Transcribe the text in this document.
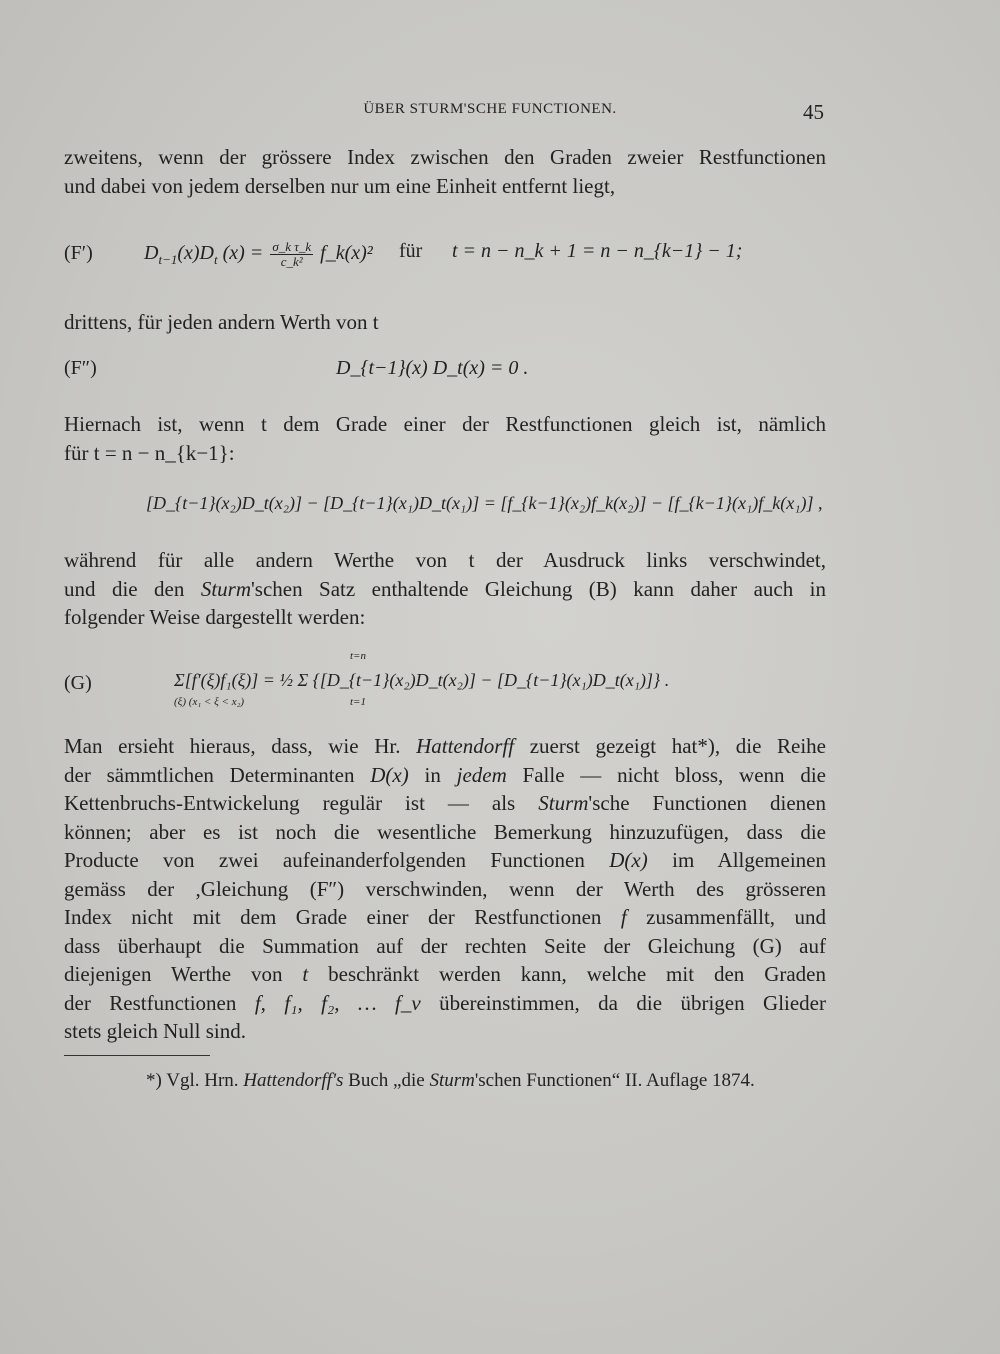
ÜBER STURM'SCHE FUNCTIONEN.	45
zweitens, wenn der grössere Index zwischen den Graden zweier Restfunctionen
und dabei von jedem derselben nur um eine Einheit entfernt liegt,
(F′)	$D_{t-1}(x)D_t$ $(x) = \frac{\text{σ\_k τ\_k}}{\text{c\_k²}}$ f_k(x)² für t = n − n_k + 1 = n − n_{k−1} − 1;
drittens, für jeden andern Werth von t
(F″)	D_{t−1}(x) D_t(x) = 0 .
Hiernach ist, wenn t dem Grade einer der Restfunctionen gleich ist, nämlich
für t = n − n_{k−1}:
[D_{t−1}(x₂)D_t(x₂)] − [D_{t−1}(x₁)D_t(x₁)] = [f_{k−1}(x₂)f_k(x₂)] − [f_{k−1}(x₁)f_k(x₁)] ,
während für alle andern Werthe von t der Ausdruck links verschwindet,
und die den Sturm'schen Satz enthaltende Gleichung (B) kann daher auch in
folgender Weise dargestellt werden:
(G)
t=n
Σ[f′(ξ)f₁(ξ)] = ½ Σ {[D_{t−1}(x₂)D_t(x₂)] − [D_{t−1}(x₁)D_t(x₁)]} .
(ξ) (x₁ < ξ < x₂)	t=1
Man ersieht hieraus, dass, wie Hr. Hattendorff zuerst gezeigt hat*), die Reihe
der sämmtlichen Determinanten D(x) in jedem Falle — nicht bloss, wenn die
Kettenbruchs-Entwickelung regulär ist — als Sturm'sche Functionen dienen
können; aber es ist noch die wesentliche Bemerkung hinzuzufügen, dass die
Producte von zwei aufeinanderfolgenden Functionen D(x) im Allgemeinen
gemäss der ,Gleichung (F″) verschwinden, wenn der Werth des grösseren
Index nicht mit dem Grade einer der Restfunctionen f zusammenfällt, und
dass überhaupt die Summation auf der rechten Seite der Gleichung (G) auf
diejenigen Werthe von t beschränkt werden kann, welche mit den Graden
der Restfunctionen f, f₁, f₂, … f_ν übereinstimmen, da die übrigen Glieder
stets gleich Null sind.
*) Vgl. Hrn. Hattendorff's Buch „die Sturm'schen Functionen“ II. Auflage 1874.
